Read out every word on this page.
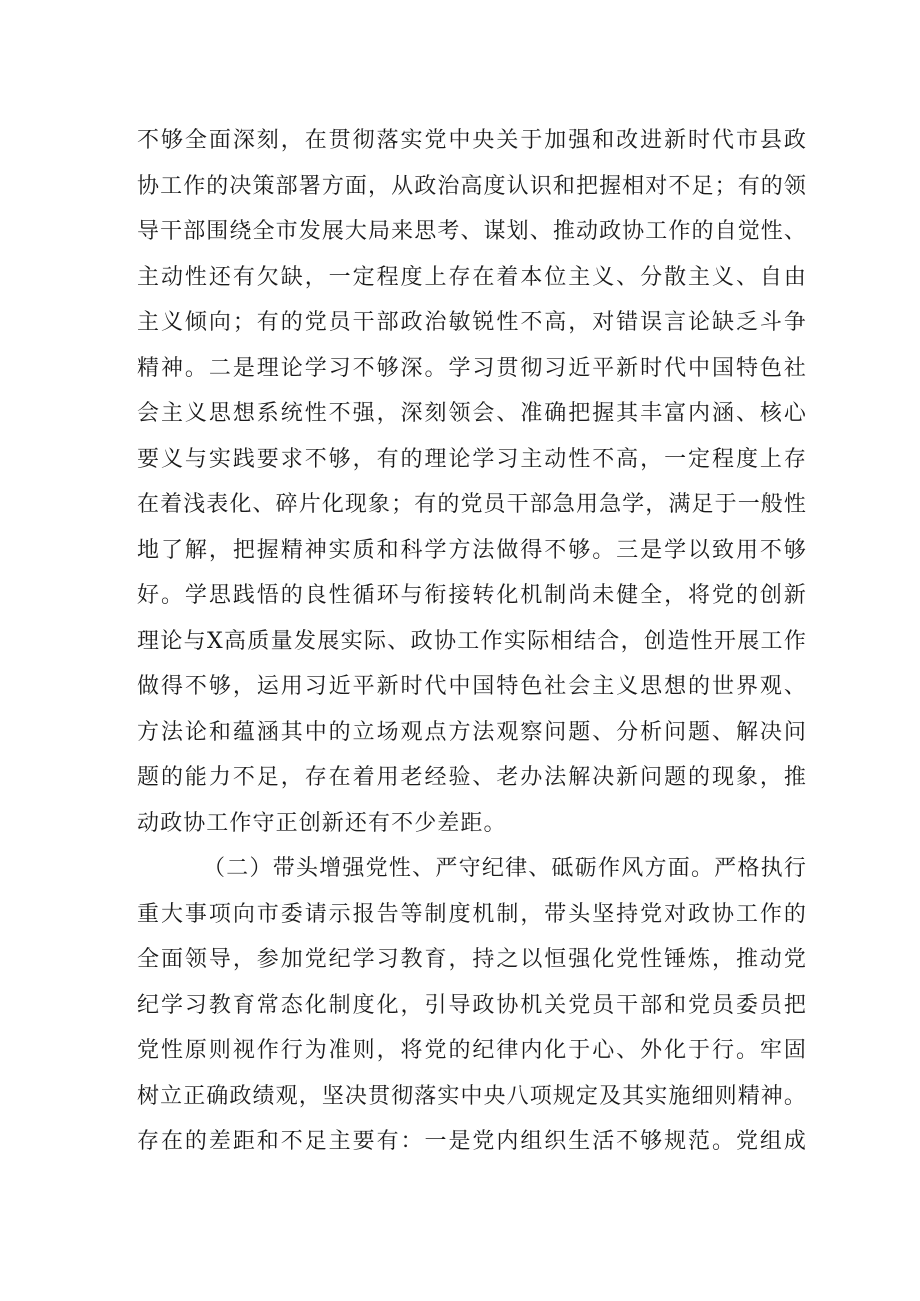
不够全面深刻，在贯彻落实党中央关于加强和改进新时代市县政
协工作的决策部署方面，从政治高度认识和把握相对不足；有的领
导干部围绕全市发展大局来思考、谋划、推动政协工作的自觉性、
主动性还有欠缺，一定程度上存在着本位主义、分散主义、自由
主义倾向；有的党员干部政治敏锐性不高，对错误言论缺乏斗争
精神。二是理论学习不够深。学习贯彻习近平新时代中国特色社
会主义思想系统性不强，深刻领会、准确把握其丰富内涵、核心
要义与实践要求不够，有的理论学习主动性不高，一定程度上存
在着浅表化、碎片化现象；有的党员干部急用急学，满足于一般性
地了解，把握精神实质和科学方法做得不够。三是学以致用不够
好。学思践悟的良性循环与衔接转化机制尚未健全，将党的创新
理论与X高质量发展实际、政协工作实际相结合，创造性开展工作
做得不够，运用习近平新时代中国特色社会主义思想的世界观、
方法论和蕴涵其中的立场观点方法观察问题、分析问题、解决问
题的能力不足，存在着用老经验、老办法解决新问题的现象，推
动政协工作守正创新还有不少差距。
（二）带头增强党性、严守纪律、砥砺作风方面。严格执行
重大事项向市委请示报告等制度机制，带头坚持党对政协工作的
全面领导，参加党纪学习教育，持之以恒强化党性锤炼，推动党
纪学习教育常态化制度化，引导政协机关党员干部和党员委员把
党性原则视作行为准则，将党的纪律内化于心、外化于行。牢固
树立正确政绩观，坚决贯彻落实中央八项规定及其实施细则精神。
存在的差距和不足主要有：一是党内组织生活不够规范。党组成
